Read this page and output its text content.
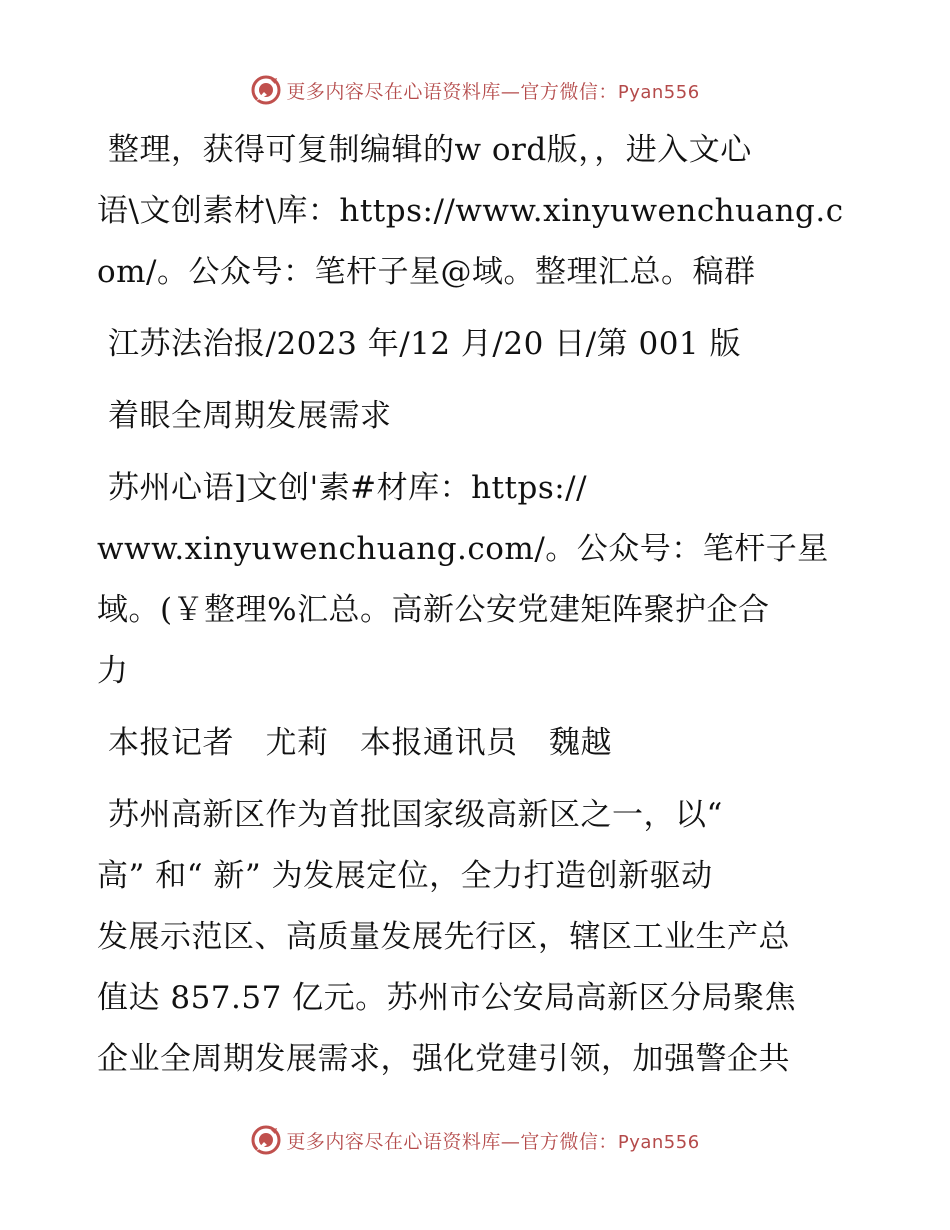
更多内容尽在心语资料库—官方微信：Pyan556
整理，获得可复制编辑的w ord版，，进入文心
语\文创素材\库：https://www.xinyuwenchuang.c
om/。公众号：笔杆子星@域。整理汇总。稿群
江苏法治报/2023 年/12 月/20 日/第 001 版
着眼全周期发展需求
苏州心语]文创'素#材库：https://
www.xinyuwenchuang.com/。公众号：笔杆子星
域。(￥整理%汇总。高新公安党建矩阵聚护企合
力
本报记者　尤莉　本报通讯员　魏越
苏州高新区作为首批国家级高新区之一，以“
高” 和“ 新” 为发展定位，全力打造创新驱动
发展示范区、高质量发展先行区，辖区工业生产总
值达 857.57 亿元。苏州市公安局高新区分局聚焦
企业全周期发展需求，强化党建引领，加强警企共
更多内容尽在心语资料库—官方微信：Pyan556
